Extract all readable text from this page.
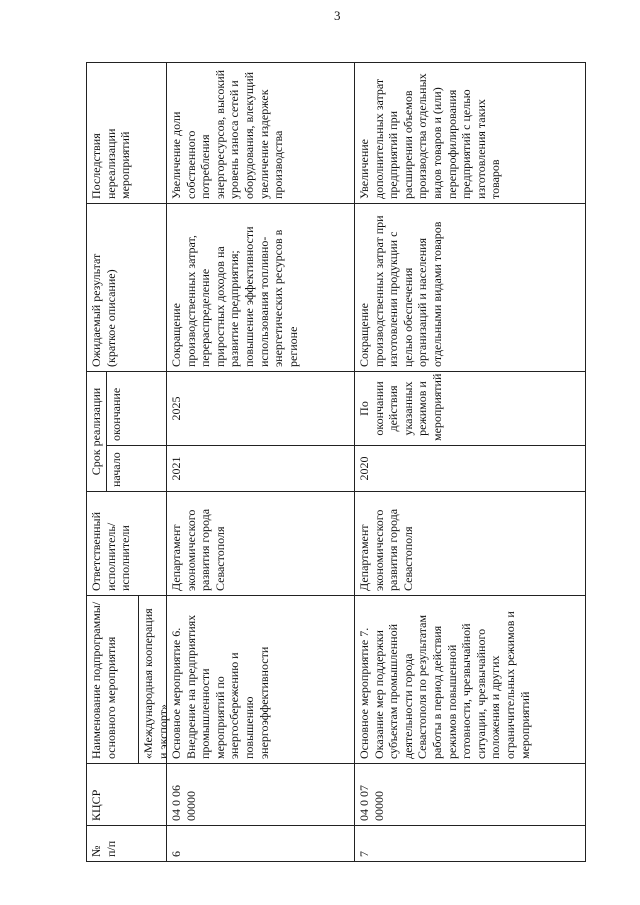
3
№
п/п
КЦСР
Наименование подпрограммы/ основного мероприятия
Ответственный исполнитель/ исполнители
Срок реализации начало
окончание
Ожидаемый результат (краткое описание)
Последствия нереализации мероприятий
«Международная кооперация и экспорт»
6
04 0 06 00000
Основное мероприятие 6. Внедрение на предприятиях промышленности мероприятий по энергосбережению и повышению энергоэффективности
Департамент экономического развития города Севастополя
2021
2025
Сокращение производственных затрат, перераспределение приростных доходов на развитие предприятия; повышение эффективности использования топливно-энергетических ресурсов в регионе
Увеличение доли собственного потребления энергоресурсов, высокий уровень износа сетей и оборудования, влекущий увеличение издержек производства
7
04 0 07 00000
Основное мероприятие 7. Оказание мер поддержки субъектам промышленной деятельности города Севастополя по результатам работы в период действия режимов повышенной готовности, чрезвычайной ситуации, чрезвычайного положения и других ограничительных режимов и мероприятий
Департамент экономического развития города Севастополя
2020
По окончании действия указанных режимов и мероприятий
Сокращение производственных затрат при изготовлении продукции с целью обеспечения организаций и населения отдельными видами товаров
Увеличение дополнительных затрат предприятий при расширении объемов производства отдельных видов товаров и (или) перепрофилирования предприятий с целью изготовления таких товаров
